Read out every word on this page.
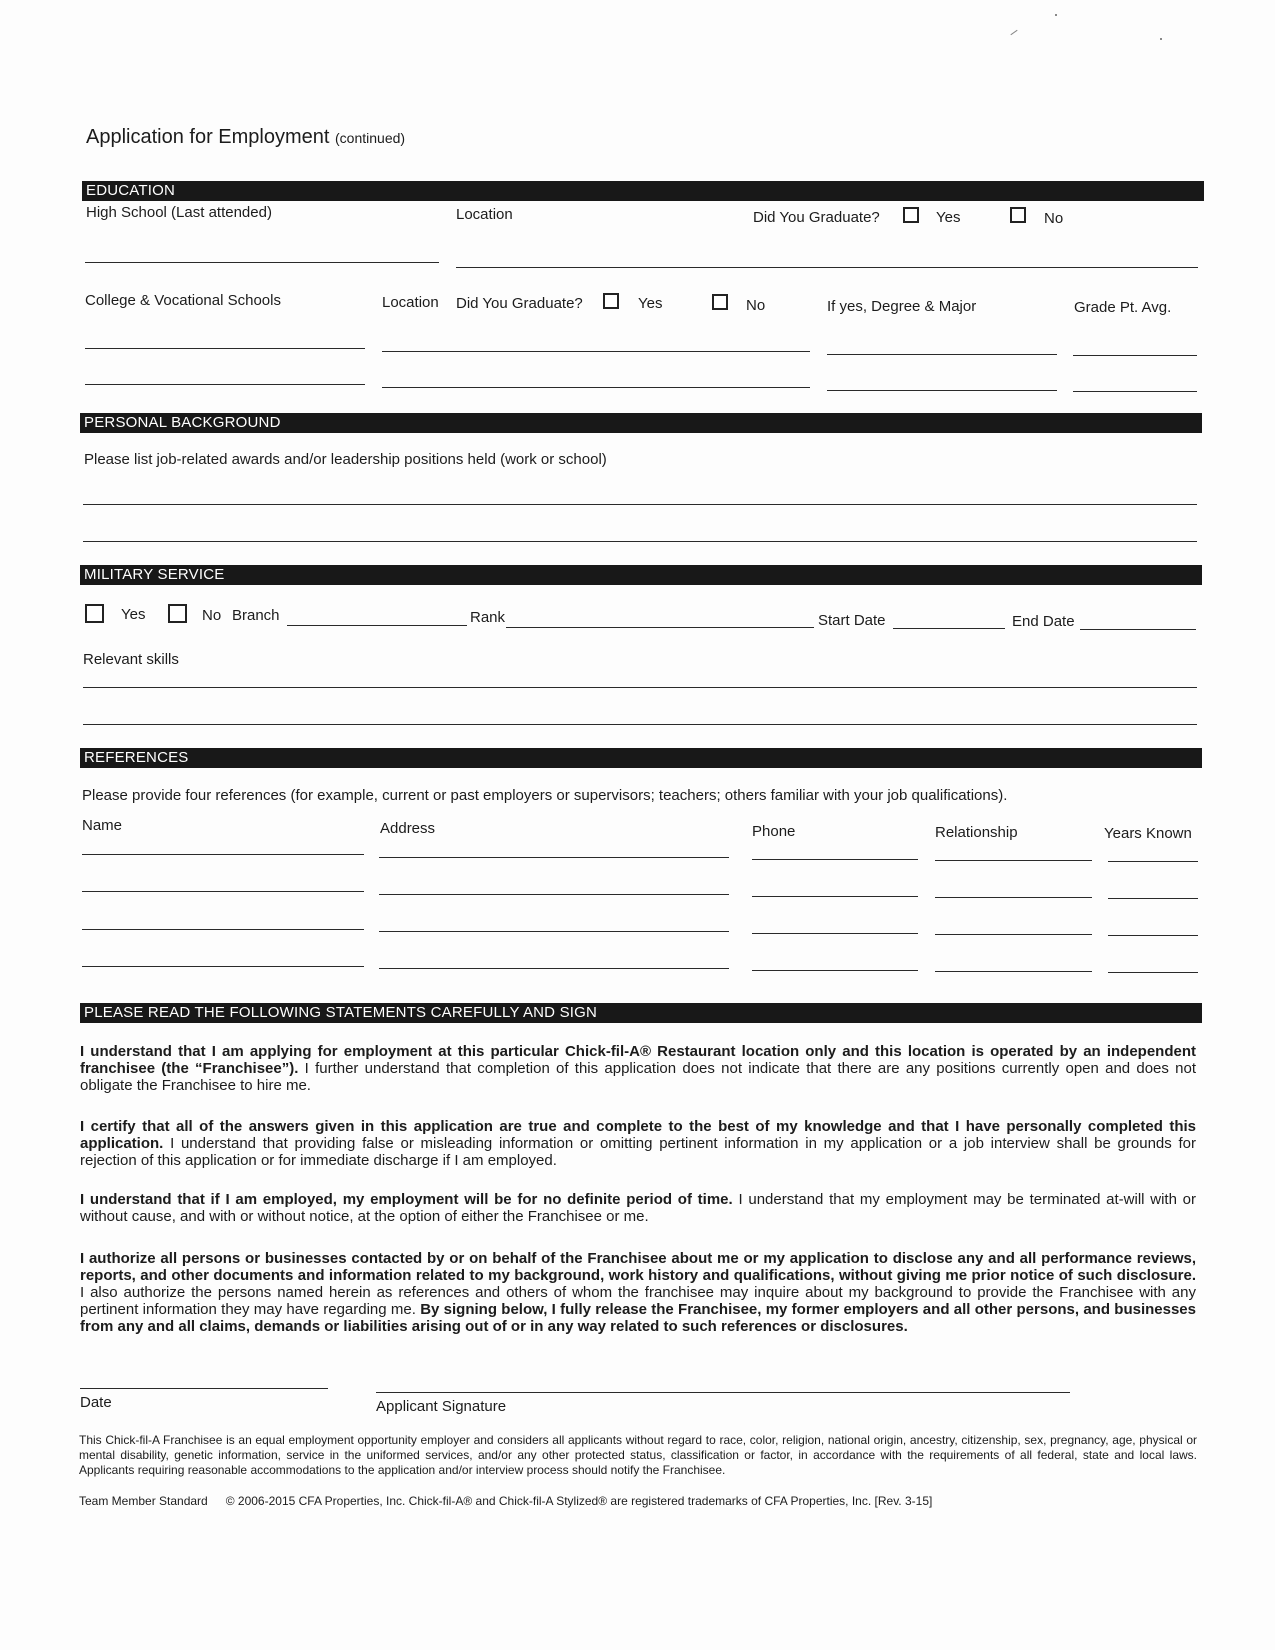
Application for Employment (continued)
EDUCATION
High School (Last attended)	Location	Did You Graduate?	Yes	No
College & Vocational Schools	Location Did You Graduate?	Yes	No	If yes, Degree & Major	Grade Pt. Avg.
PERSONAL BACKGROUND
Please list job-related awards and/or leadership positions held (work or school)
MILITARY SERVICE
Yes	No Branch	Rank	Start Date	End Date
Relevant skills
REFERENCES
Please provide four references (for example, current or past employers or supervisors; teachers; others familiar with your job qualifications).
Name	Address	Phone	Relationship	Years Known
PLEASE READ THE FOLLOWING STATEMENTS CAREFULLY AND SIGN
I understand that I am applying for employment at this particular Chick-fil-A® Restaurant location only and this location is operated by an independent franchisee (the “Franchisee”). I further understand that completion of this application does not indicate that there are any positions currently open and does not obligate the Franchisee to hire me.
I certify that all of the answers given in this application are true and complete to the best of my knowledge and that I have personally completed this application. I understand that providing false or misleading information or omitting pertinent information in my application or a job interview shall be grounds for rejection of this application or for immediate discharge if I am employed.
I understand that if I am employed, my employment will be for no definite period of time. I understand that my employment may be terminated at-will with or without cause, and with or without notice, at the option of either the Franchisee or me.
I authorize all persons or businesses contacted by or on behalf of the Franchisee about me or my application to disclose any and all performance reviews, reports, and other documents and information related to my background, work history and qualifications, without giving me prior notice of such disclosure. I also authorize the persons named herein as references and others of whom the franchisee may inquire about my background to provide the Franchisee with any pertinent information they may have regarding me. By signing below, I fully release the Franchisee, my former employers and all other persons, and businesses from any and all claims, demands or liabilities arising out of or in any way related to such references or disclosures.
Date	Applicant Signature
This Chick-fil-A Franchisee is an equal employment opportunity employer and considers all applicants without regard to race, color, religion, national origin, ancestry, citizenship, sex, pregnancy, age, physical or mental disability, genetic information, service in the uniformed services, and/or any other protected status, classification or factor, in accordance with the requirements of all federal, state and local laws. Applicants requiring reasonable accommodations to the application and/or interview process should notify the Franchisee.
Team Member Standard © 2006-2015 CFA Properties, Inc. Chick-fil-A® and Chick-fil-A Stylized® are registered trademarks of CFA Properties, Inc. [Rev. 3-15]
